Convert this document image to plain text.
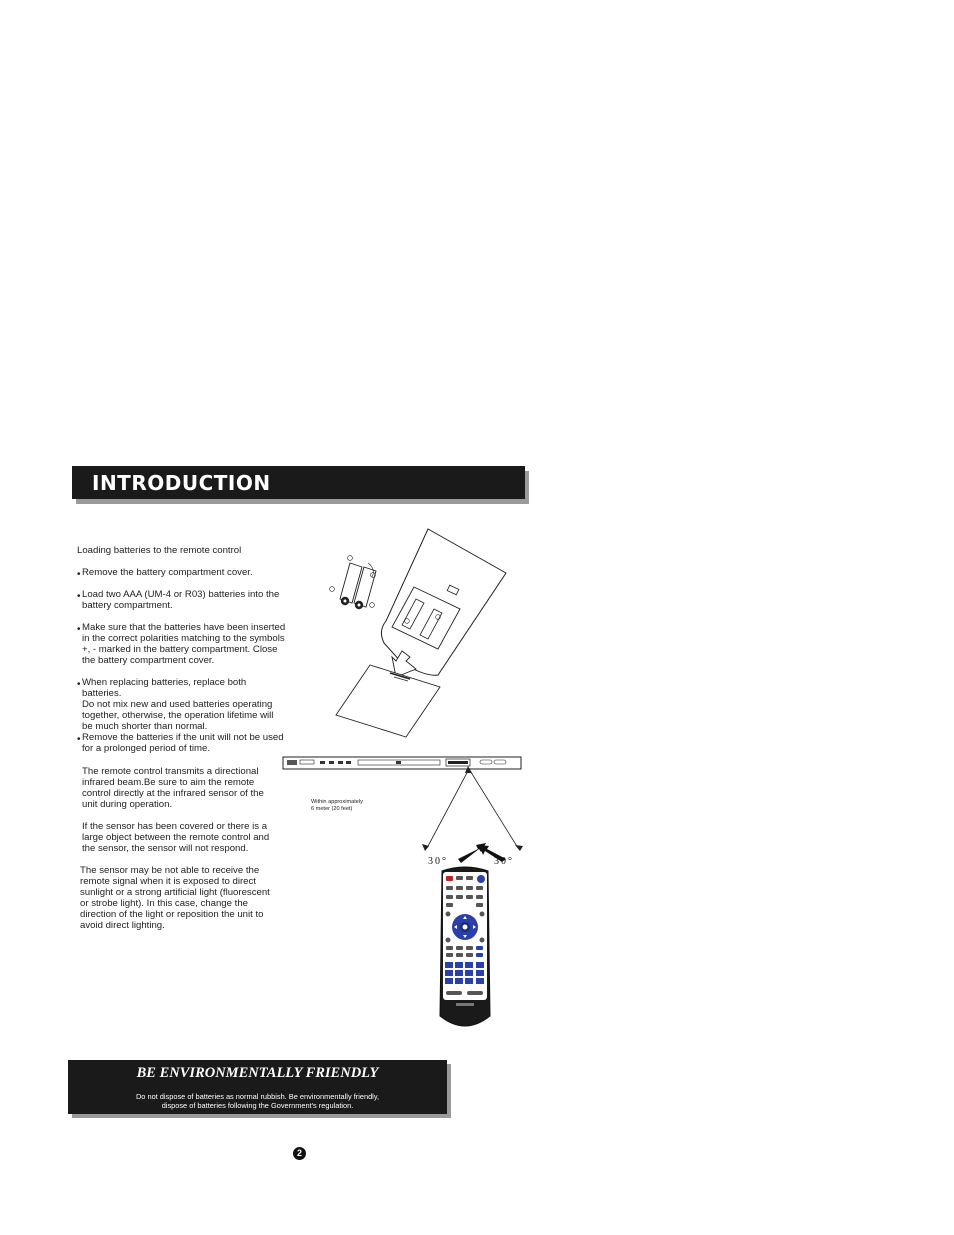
INTRODUCTION
Loading batteries to the remote control
• Remove the battery compartment cover.
• Load two AAA (UM-4 or R03) batteries into the
battery compartment.
• Make sure that the batteries have been inserted
in the correct polarities matching to the symbols
+, - marked in the battery compartment. Close
the battery compartment cover.
• When replacing batteries, replace both batteries.
Do not mix new and used batteries operating
together, otherwise, the operation lifetime will
be much shorter than normal.
• Remove the batteries if the unit will not be used
for a prolonged period of time.
The remote control transmits a directional
infrared beam.Be sure to aim the remote
control directly at the infrared sensor of the
unit during operation.
If the sensor has been covered or there is a
large object between the remote control and
the sensor, the sensor will not respond.
The sensor may be not able to receive the
remote signal when it is exposed to direct
sunlight or a strong artificial light (fluorescent
or strobe light). In this case, change the
direction of the light or reposition the unit to
avoid direct lighting.
Within approximately
6 meter (20 feet)
30°	30°
BE ENVIRONMENTALLY FRIENDLY
Do not dispose of batteries as normal rubbish. Be environmentally friendly,
dispose of batteries following the Government's regulation.
2
